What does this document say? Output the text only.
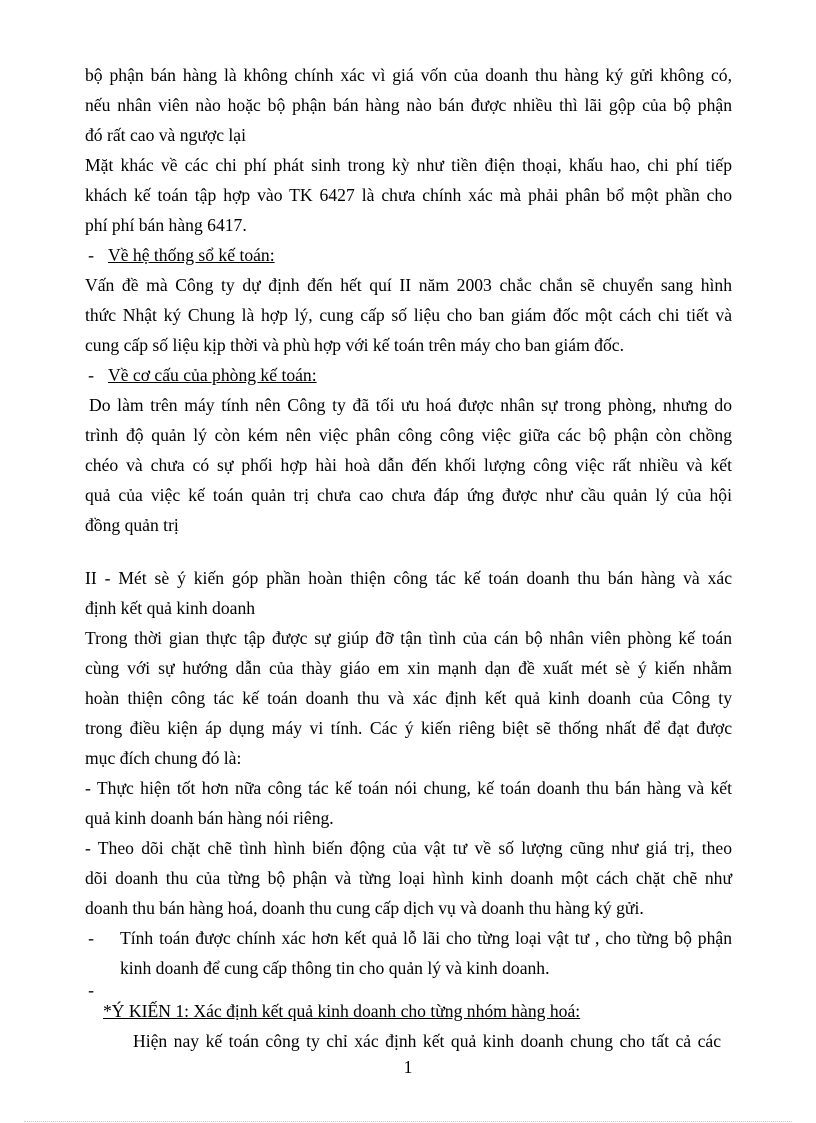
bộ phận bán hàng là không chính xác vì giá vốn của doanh thu hàng ký gửi không có,
nếu nhân viên nào hoặc bộ phận bán hàng nào bán được nhiều thì lãi gộp của bộ phận
đó rất cao và ngược lại
Mặt khác về các chi phí phát sinh trong kỳ như tiền điện thoại, khấu hao, chi phí tiếp
khách kế toán tập hợp vào TK 6427 là chưa chính xác mà phải phân bổ một phần cho
phí phí bán hàng 6417.
- Về hệ thống sổ kế toán:
Vấn đề mà Công ty dự định đến hết quí II năm 2003 chắc chắn sẽ chuyển sang hình
thức Nhật ký Chung là hợp lý, cung cấp số liệu cho ban giám đốc một cách chi tiết và
cung cấp số liệu kịp thời và phù hợp với kế toán trên máy cho ban giám đốc.
- Về cơ cấu của phòng kế toán:
Do làm trên máy tính nên Công ty đã tối ưu hoá được nhân sự trong phòng, nhưng do
trình độ quản lý còn kém nên việc phân công công việc giữa các bộ phận còn chồng
chéo và chưa có sự phối hợp hài hoà dẫn đến khối lượng công việc rất nhiều và kết
quả của việc kế toán quản trị chưa cao chưa đáp ứng được như cầu quản lý của hội
đồng quản trị
II - Mét sè ý kiến góp phần hoàn thiện công tác kế toán doanh thu bán hàng và xác
định kết quả kinh doanh
Trong thời gian thực tập được sự giúp đỡ tận tình của cán bộ nhân viên phòng kế toán
cùng với sự hướng dẫn của thày giáo em xin mạnh dạn đề xuất mét sè ý kiến nhằm
hoàn thiện công tác kế toán doanh thu và xác định kết quả kinh doanh của Công ty
trong điều kiện áp dụng máy vi tính. Các ý kiến riêng biệt sẽ thống nhất để đạt được
mục đích chung đó là:
- Thực hiện tốt hơn nữa công tác kế toán nói chung, kế toán doanh thu bán hàng và kết
quả kinh doanh bán hàng nói riêng.
- Theo dõi chặt chẽ tình hình biến động của vật tư về số lượng cũng như giá trị, theo
dõi doanh thu của từng bộ phận và từng loại hình kinh doanh một cách chặt chẽ như
doanh thu bán hàng hoá, doanh thu cung cấp dịch vụ và doanh thu hàng ký gửi.
- Tính toán được chính xác hơn kết quả lỗ lãi cho từng loại vật tư , cho từng bộ phận
kinh doanh để cung cấp thông tin cho quản lý và kinh doanh.
-
*Ý KIẾN 1: Xác định kết quả kinh doanh cho từng nhóm hàng hoá:
Hiện nay kế toán công ty chỉ xác định kết quả kinh doanh chung cho tất cả các
1
